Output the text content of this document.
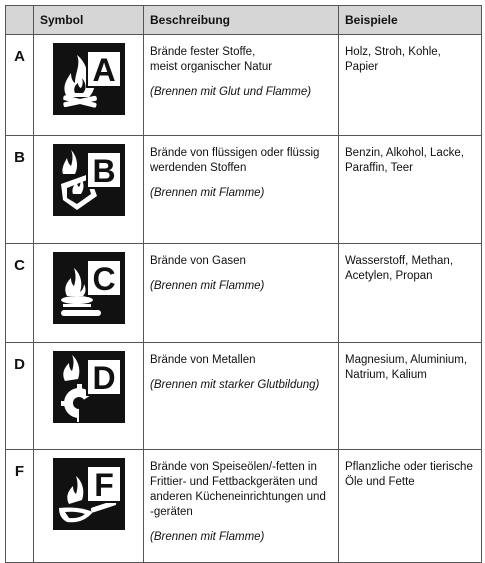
	Symbol	Beschreibung	Beispiele
A	A	Brände fester Stoffe,
meist organischer Natur
(Brennen mit Glut und Flamme)	Holz, Stroh, Kohle, Papier
B	B	Brände von flüssigen oder flüssig
werdenden Stoffen
(Brennen mit Flamme)	Benzin, Alkohol, Lacke, Paraffin, Teer
C	C	Brände von Gasen
(Brennen mit Flamme)	Wasserstoff, Methan, Acetylen, Propan
D	D	Brände von Metallen
(Brennen mit starker Glutbildung)	Magnesium, Aluminium, Natrium, Kalium
F	F	Brände von Speiseölen/-fetten in
Frittier- und Fettbackgeräten und
anderen Kücheneinrichtungen und
-geräten
(Brennen mit Flamme)	Pflanzliche oder tierische Öle und Fette
